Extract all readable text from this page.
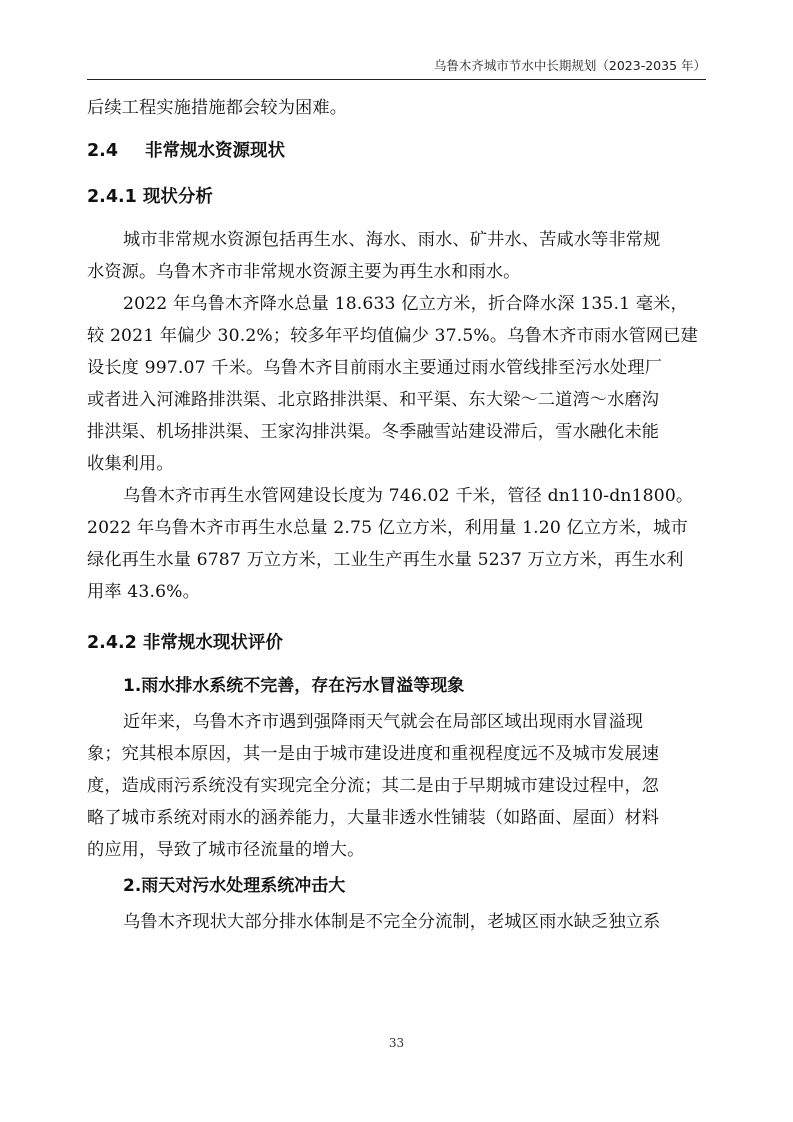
乌鲁木齐城市节水中长期规划（2023-2035 年）
后续工程实施措施都会较为困难。
2.4 非常规水资源现状
2.4.1 现状分析
城市非常规水资源包括再生水、海水、雨水、矿井水、苦咸水等非常规
水资源。乌鲁木齐市非常规水资源主要为再生水和雨水。
2022 年乌鲁木齐降水总量 18.633 亿立方米，折合降水深 135.1 毫米，
较 2021 年偏少 30.2%；较多年平均值偏少 37.5%。乌鲁木齐市雨水管网已建
设长度 997.07 千米。乌鲁木齐目前雨水主要通过雨水管线排至污水处理厂
或者进入河滩路排洪渠、北京路排洪渠、和平渠、东大梁～二道湾～水磨沟
排洪渠、机场排洪渠、王家沟排洪渠。冬季融雪站建设滞后，雪水融化未能
收集利用。
乌鲁木齐市再生水管网建设长度为 746.02 千米，管径 dn110-dn1800。
2022 年乌鲁木齐市再生水总量 2.75 亿立方米，利用量 1.20 亿立方米，城市
绿化再生水量 6787 万立方米，工业生产再生水量 5237 万立方米，再生水利
用率 43.6%。
2.4.2 非常规水现状评价
1.雨水排水系统不完善，存在污水冒溢等现象
近年来，乌鲁木齐市遇到强降雨天气就会在局部区域出现雨水冒溢现
象；究其根本原因，其一是由于城市建设进度和重视程度远不及城市发展速
度，造成雨污系统没有实现完全分流；其二是由于早期城市建设过程中，忽
略了城市系统对雨水的涵养能力，大量非透水性铺装（如路面、屋面）材料
的应用，导致了城市径流量的增大。
2.雨天对污水处理系统冲击大
乌鲁木齐现状大部分排水体制是不完全分流制，老城区雨水缺乏独立系
33
